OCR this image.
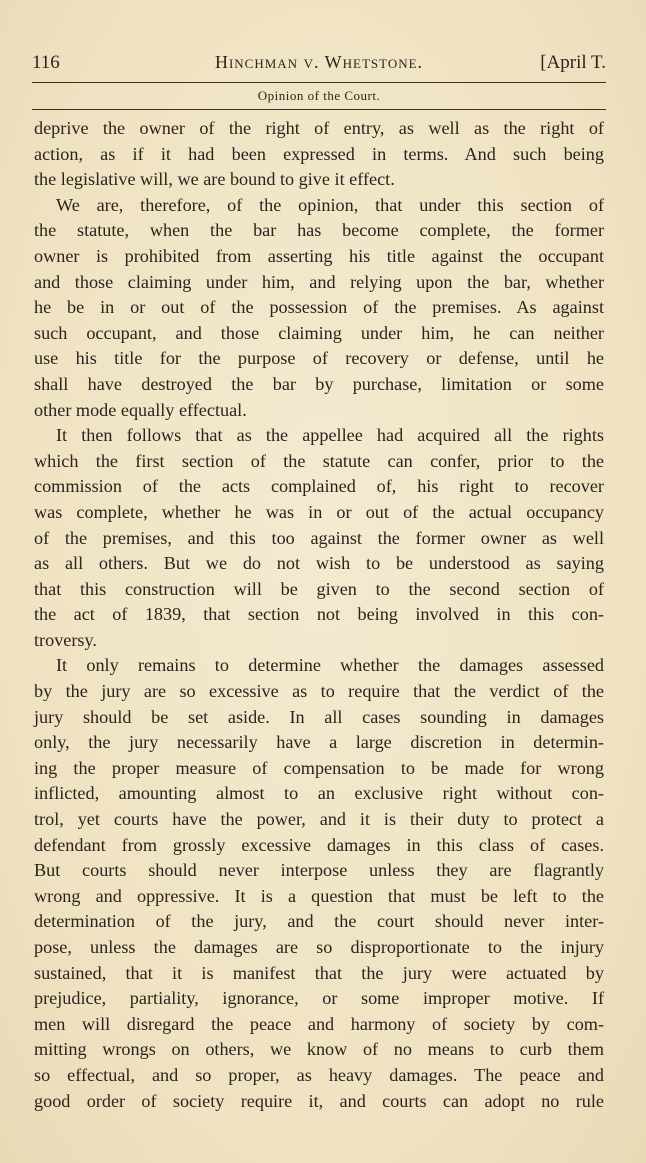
116	Hinchman v. Whetstone.	[April T.
Opinion of the Court.
deprive the owner of the right of entry, as well as the right of
action, as if it had been expressed in terms. And such being
the legislative will, we are bound to give it effect.
We are, therefore, of the opinion, that under this section of
the statute, when the bar has become complete, the former
owner is prohibited from asserting his title against the occupant
and those claiming under him, and relying upon the bar, whether
he be in or out of the possession of the premises. As against
such occupant, and those claiming under him, he can neither
use his title for the purpose of recovery or defense, until he
shall have destroyed the bar by purchase, limitation or some
other mode equally effectual.
It then follows that as the appellee had acquired all the rights
which the first section of the statute can confer, prior to the
commission of the acts complained of, his right to recover
was complete, whether he was in or out of the actual occupancy
of the premises, and this too against the former owner as well
as all others. But we do not wish to be understood as saying
that this construction will be given to the second section of
the act of 1839, that section not being involved in this con-
troversy.
It only remains to determine whether the damages assessed
by the jury are so excessive as to require that the verdict of the
jury should be set aside. In all cases sounding in damages
only, the jury necessarily have a large discretion in determin-
ing the proper measure of compensation to be made for wrong
inflicted, amounting almost to an exclusive right without con-
trol, yet courts have the power, and it is their duty to protect a
defendant from grossly excessive damages in this class of cases.
But courts should never interpose unless they are flagrantly
wrong and oppressive. It is a question that must be left to the
determination of the jury, and the court should never inter-
pose, unless the damages are so disproportionate to the injury
sustained, that it is manifest that the jury were actuated by
prejudice, partiality, ignorance, or some improper motive. If
men will disregard the peace and harmony of society by com-
mitting wrongs on others, we know of no means to curb them
so effectual, and so proper, as heavy damages. The peace and
good order of society require it, and courts can adopt no rule
